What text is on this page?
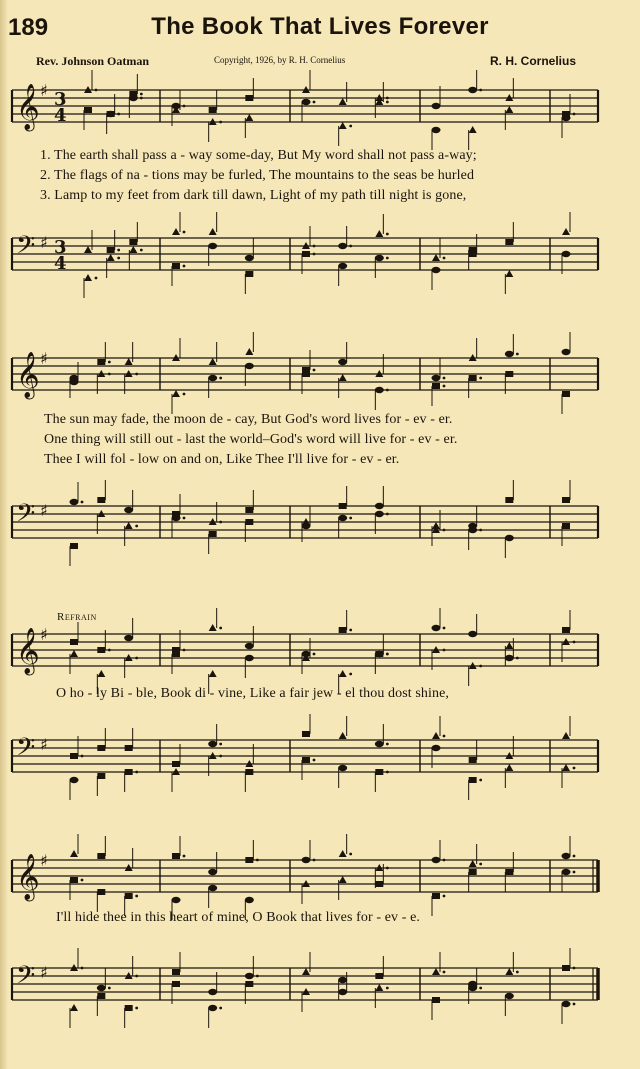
189	The Book That Lives Forever
Rev. Johnson Oatman	Copyright, 1926, by R. H. Cornelius	R. H. Cornelius
𝄞 ♯ 3
4
1. The earth shall pass a - way some-day, But My word shall not pass a-way;
2. The flags of na - tions may be furled, The mountains to the seas be hurled
3. Lamp to my feet from dark till dawn, Light of my path till night is gone,
𝄢 ♯ 3
4
𝄞 ♯
The sun may fade, the moon de - cay, But God's word lives for - ev - er.
One thing will still out - last the world–God's word will live for - ev - er.
Thee I will fol - low on and on, Like Thee I'll live for - ev - er.
𝄢 ♯
Refrain
𝄞 ♯
O ho - ly Bi - ble, Book di - vine, Like a fair jew - el thou dost shine,
𝄢 ♯
𝄞 ♯
I'll hide thee in this heart of mine, O Book that lives for - ev - e.
𝄢 ♯
